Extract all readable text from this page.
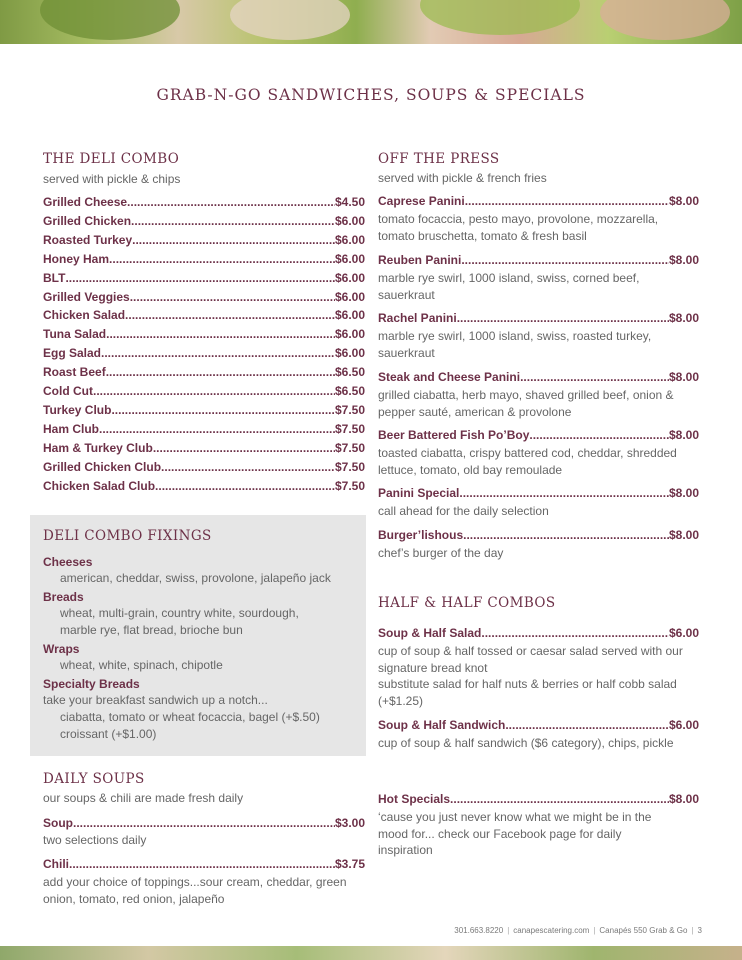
GRAB-N-GO SANDWICHES, SOUPS & SPECIALS
THE DELI COMBO
served with pickle & chips
Grilled Cheese .....	$4.50
Grilled Chicken .....	$6.00
Roasted Turkey .....	$6.00
Honey Ham .....	$6.00
BLT .....	$6.00
Grilled Veggies .....	$6.00
Chicken Salad .....	$6.00
Tuna Salad .....	$6.00
Egg Salad .....	$6.00
Roast Beef .....	$6.50
Cold Cut .....	$6.50
Turkey Club .....	$7.50
Ham Club .....	$7.50
Ham & Turkey Club .....	$7.50
Grilled Chicken Club .....	$7.50
Chicken Salad Club .....	$7.50
DELI COMBO FIXINGS
Cheeses
american, cheddar, swiss, provolone, jalapeño jack
Breads
wheat, multi-grain, country white, sourdough,
marble rye, flat bread, brioche bun
Wraps
wheat, white, spinach, chipotle
Specialty Breads
take your breakfast sandwich up a notch...
ciabatta, tomato or wheat focaccia, bagel (+$.50)
croissant (+$1.00)
DAILY SOUPS
our soups & chili are made fresh daily
Soup .....	$3.00
two selections daily
Chili .....	$3.75
add your choice of toppings...sour cream, cheddar, green onion, tomato, red onion, jalapeño
OFF THE PRESS
served with pickle & french fries
Caprese Panini .....	$8.00
tomato focaccia, pesto mayo, provolone, mozzarella, tomato bruschetta, tomato & fresh basil
Reuben Panini .....	$8.00
marble rye swirl, 1000 island, swiss, corned beef, sauerkraut
Rachel Panini .....	$8.00
marble rye swirl, 1000 island, swiss, roasted turkey, sauerkraut
Steak and Cheese Panini .....	$8.00
grilled ciabatta, herb mayo, shaved grilled beef, onion & pepper sauté, american & provolone
Beer Battered Fish Po’Boy .....	$8.00
toasted ciabatta, crispy battered cod, cheddar, shredded lettuce, tomato, old bay remoulade
Panini Special .....	$8.00
call ahead for the daily selection
Burger’lishous .....	$8.00
chef’s burger of the day
HALF & HALF COMBOS
Soup & Half Salad .....	$6.00
cup of soup & half tossed or caesar salad served with our signature bread knot
substitute salad for half nuts & berries or half cobb salad (+$1.25)
Soup & Half Sandwich .....	$6.00
cup of soup & half sandwich ($6 category), chips, pickle
Hot Specials .....	$8.00
‘cause you just never know what we might be in the mood for... check our Facebook page for daily inspiration
301.663.8220 | canapescatering.com | Canapés 550 Grab & Go | 3
